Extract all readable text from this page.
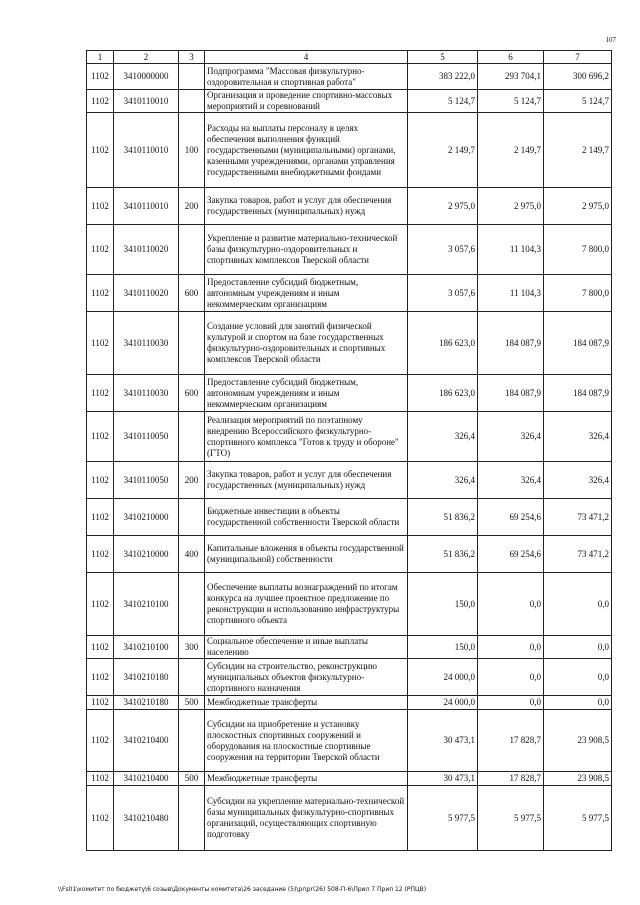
107
1	2	3	4	5	6	7
1102	3410000000		Подпрограмма "Массовая физкультурно-оздоровительная и спортивная работа"	383 222,0	293 704,1	300 696,2
1102	3410110010		Организация и проведение спортивно-массовых мероприятий и соревнований	5 124,7	5 124,7	5 124,7
1102	3410110010	100	Расходы на выплаты персоналу в целях обеспечения выполнения функций государственными (муниципальными) органами, казенными учреждениями, органами управления государственными внебюджетными фондами	2 149,7	2 149,7	2 149,7
1102	3410110010	200	Закупка товаров, работ и услуг для обеспечения государственных (муниципальных) нужд	2 975,0	2 975,0	2 975,0
1102	3410110020		Укрепление и развитие материально-технической базы физкультурно-оздоровительных и спортивных комплексов Тверской области	3 057,6	11 104,3	7 800,0
1102	3410110020	600	Предоставление субсидий бюджетным, автономным учреждениям и иным некоммерческим организациям	3 057,6	11 104,3	7 800,0
1102	3410110030		Создание условий для занятий физической культурой и спортом на базе государственных физкультурно-оздоровительных и спортивных комплексов Тверской области	186 623,0	184 087,9	184 087,9
1102	3410110030	600	Предоставление субсидий бюджетным, автономным учреждениям и иным некоммерческим организациям	186 623,0	184 087,9	184 087,9
1102	3410110050		Реализация мероприятий по поэтапному внедрению Всероссийского физкультурно-спортивного комплекса "Готов к труду и обороне" (ГТО)	326,4	326,4	326,4
1102	3410110050	200	Закупка товаров, работ и услуг для обеспечения государственных (муниципальных) нужд	326,4	326,4	326,4
1102	3410210000		Бюджетные инвестиции в объекты государственной собственности Тверской области	51 836,2	69 254,6	73 471,2
1102	3410210000	400	Капитальные вложения в объекты государственной (муниципальной) собственности	51 836,2	69 254,6	73 471,2
1102	3410210100		Обеспечение выплаты вознаграждений по итогам конкурса на лучшее проектное предложение по реконструкции и использованию инфраструктуры спортивного объекта	150,0	0,0	0,0
1102	3410210100	300	Социальное обеспечение и иные выплаты населению	150,0	0,0	0,0
1102	3410210180		Субсидии на строительство, реконструкцию муниципальных объектов физкультурно-спортивного назначения	24 000,0	0,0	0,0
1102	3410210180	500	Межбюджетные трансферты	24 000,0	0,0	0,0
1102	3410210400		Субсидии на приобретение и установку плоскостных спортивных сооружений и оборудования на плоскостные спортивные сооружения на территории Тверской области	30 473,1	17 828,7	23 908,5
1102	3410210400	500	Межбюджетные трансферты	30 473,1	17 828,7	23 908,5
1102	3410210480		Субсидии на укрепление материально-технической базы муниципальных физкультурно-спортивных организаций, осуществляющих спортивную подготовку	5 977,5	5 977,5	5 977,5
\\Fs01\комитет по бюджету\6 созыв\Документы комитета\26 заседание (5)\pr\pr(26) 508-П-6\Прил 7 Прил 12 (РПЦВ)
